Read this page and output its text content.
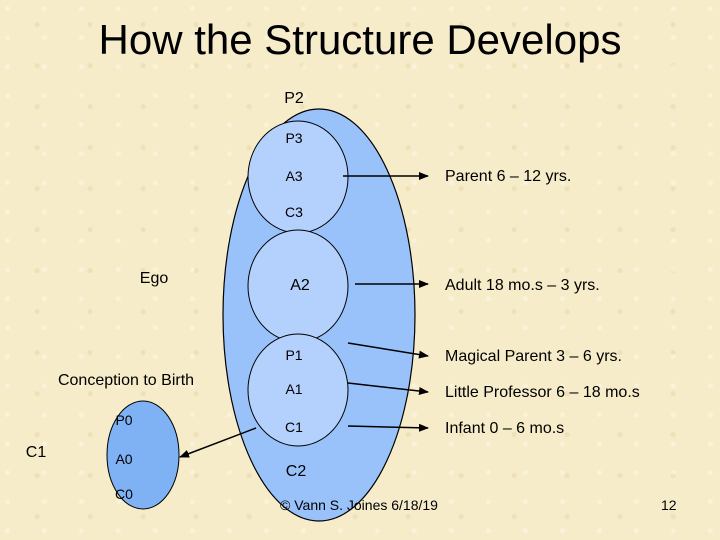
How the Structure Develops
P2
P3
A3
C3
A2
P1
A1
C1
C2
Ego
Conception to Birth
P0
A0
C0
C1
Parent 6 – 12 yrs.
Adult 18 mo.s – 3 yrs.
Magical Parent 3 – 6 yrs.
Little Professor 6 – 18 mo.s
Infant 0 – 6 mo.s
© Vann S. Joines 6/18/19	12
